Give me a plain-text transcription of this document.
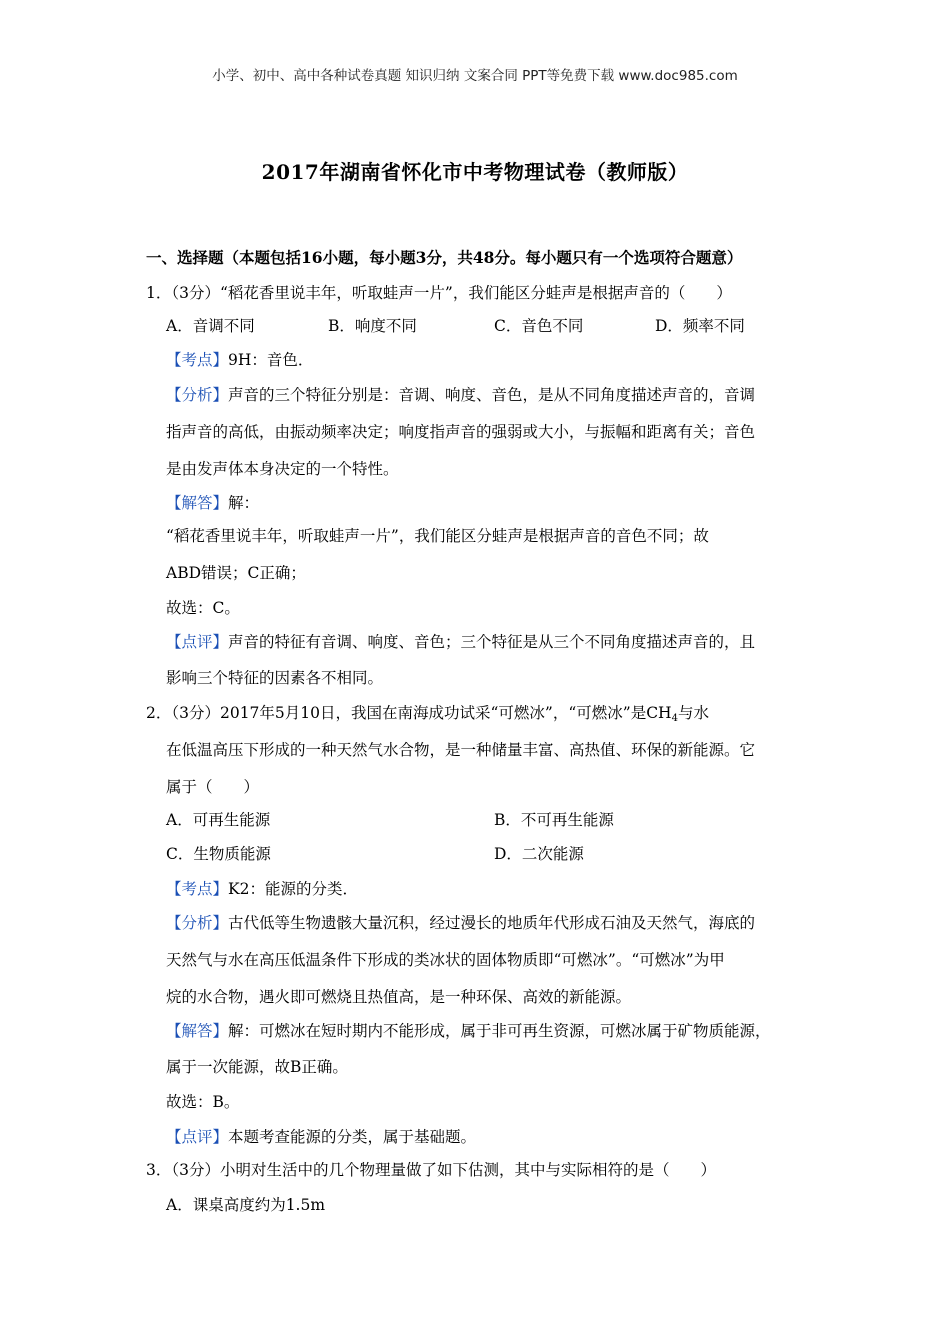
小学、初中、高中各种试卷真题 知识归纳 文案合同 PPT等免费下载 www.doc985.com
2017年湖南省怀化市中考物理试卷（教师版）
一、选择题（本题包括16小题，每小题3分，共48分。每小题只有一个选项符合题意）
1．（3分）“稻花香里说丰年，听取蛙声一片”，我们能区分蛙声是根据声音的（　　）
A．音调不同	B．响度不同	C．音色不同	D．频率不同
【考点】9H：音色．
【分析】声音的三个特征分别是：音调、响度、音色，是从不同角度描述声音的，音调
指声音的高低，由振动频率决定；响度指声音的强弱或大小，与振幅和距离有关；音色
是由发声体本身决定的一个特性。
【解答】解：
“稻花香里说丰年，听取蛙声一片”，我们能区分蛙声是根据声音的音色不同；故
ABD错误；C正确；
故选：C。
【点评】声音的特征有音调、响度、音色；三个特征是从三个不同角度描述声音的，且
影响三个特征的因素各不相同。
2．（3分）2017年5月10日，我国在南海成功试采“可燃冰”，“可燃冰”是$CH_4$与水
在低温高压下形成的一种天然气水合物，是一种储量丰富、高热值、环保的新能源。它
属于（　　）
A．可再生能源	B．不可再生能源
C．生物质能源	D．二次能源
【考点】K2：能源的分类．
【分析】古代低等生物遗骸大量沉积，经过漫长的地质年代形成石油及天然气，海底的
天然气与水在高压低温条件下形成的类冰状的固体物质即“可燃冰”。“可燃冰”为甲
烷的水合物，遇火即可燃烧且热值高，是一种环保、高效的新能源。
【解答】解：可燃冰在短时期内不能形成，属于非可再生资源，可燃冰属于矿物质能源，
属于一次能源，故B正确。
故选：B。
【点评】本题考查能源的分类，属于基础题。
3．（3分）小明对生活中的几个物理量做了如下估测，其中与实际相符的是（　　）
A．课桌高度约为1.5m
